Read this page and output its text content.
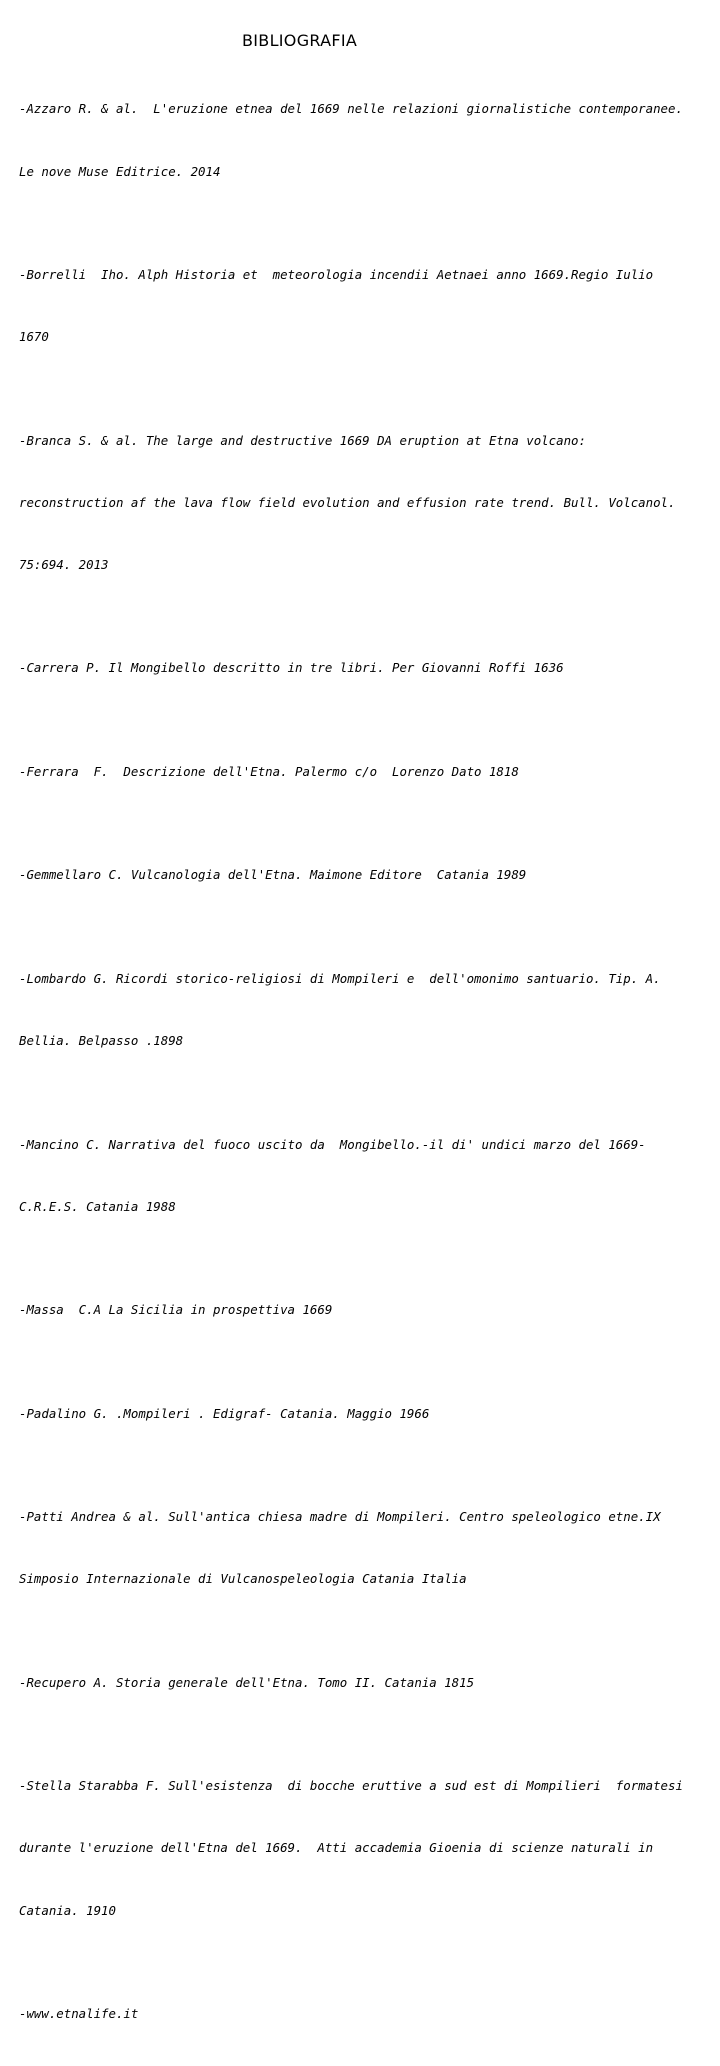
BIBLIOGRAFIA

-Azzaro R. & al.  L'eruzione etnea del 1669 nelle relazioni giornalistiche contemporanee.

Le nove Muse Editrice. 2014

-Borrelli  Iho. Alph Historia et  meteorologia incendii Aetnaei anno 1669.Regio Iulio

1670

-Branca S. & al. The large and destructive 1669 DA eruption at Etna volcano:

reconstruction af the lava flow field evolution and effusion rate trend. Bull. Volcanol.

75:694. 2013

-Carrera P. Il Mongibello descritto in tre libri. Per Giovanni Roffi 1636

-Ferrara  F.  Descrizione dell'Etna. Palermo c/o  Lorenzo Dato 1818

-Gemmellaro C. Vulcanologia dell'Etna. Maimone Editore  Catania 1989

-Lombardo G. Ricordi storico-religiosi di Mompileri e  dell'omonimo santuario. Tip. A.

Bellia. Belpasso .1898

-Mancino C. Narrativa del fuoco uscito da  Mongibello.-il di' undici marzo del 1669-

C.R.E.S. Catania 1988

-Massa  C.A La Sicilia in prospettiva 1669

-Padalino G. .Mompileri . Edigraf- Catania. Maggio 1966

-Patti Andrea & al. Sull'antica chiesa madre di Mompileri. Centro speleologico etne.IX

Simposio Internazionale di Vulcanospeleologia Catania Italia

-Recupero A. Storia generale dell'Etna. Tomo II. Catania 1815

-Stella Starabba F. Sull'esistenza  di bocche eruttive a sud est di Mompilieri  formatesi

durante l'eruzione dell'Etna del 1669.  Atti accademia Gioenia di scienze naturali in

Catania. 1910

-www.etnalife.it
